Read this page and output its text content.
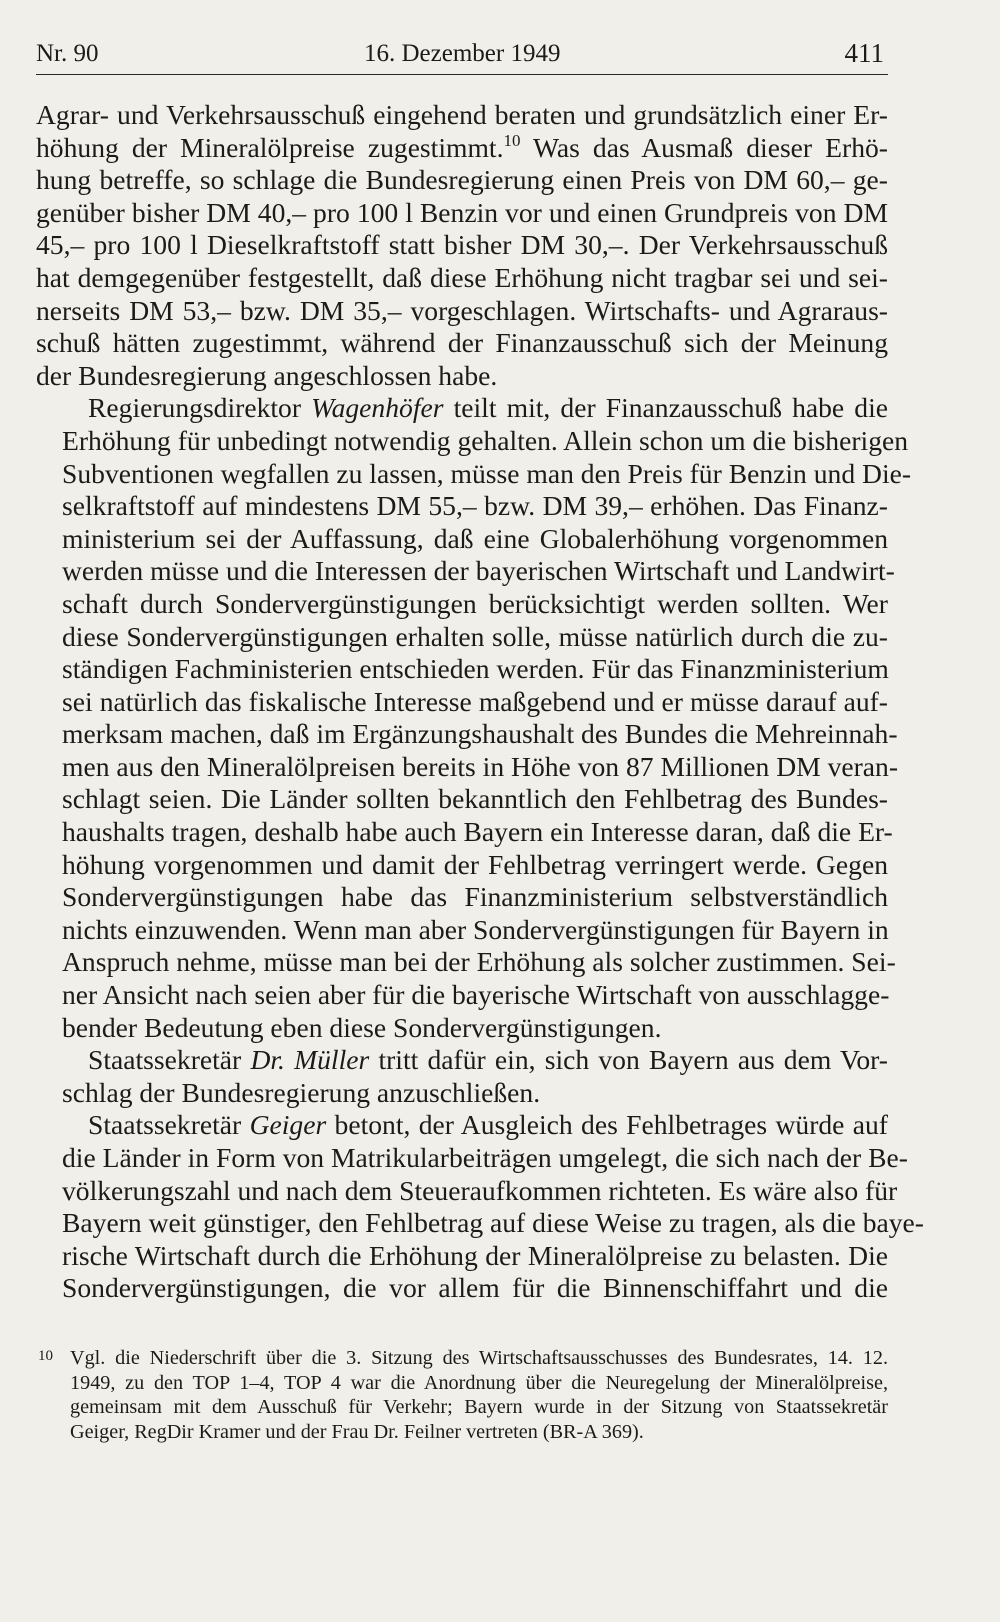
Nr. 90	16. Dezember 1949	411
Agrar- und Verkehrsausschuß eingehend beraten und grundsätzlich einer Er-
höhung der Mineralölpreise zugestimmt.$^{10}$ Was das Ausmaß dieser Erhö-
hung betreffe, so schlage die Bundesregierung einen Preis von DM 60,– ge-
genüber bisher DM 40,– pro 100 l Benzin vor und einen Grundpreis von DM
45,– pro 100 l Dieselkraftstoff statt bisher DM 30,–. Der Verkehrsausschuß
hat demgegenüber festgestellt, daß diese Erhöhung nicht tragbar sei und sei-
nerseits DM 53,– bzw. DM 35,– vorgeschlagen. Wirtschafts- und Agraraus-
schuß hätten zugestimmt, während der Finanzausschuß sich der Meinung
der Bundesregierung angeschlossen habe.
Regierungsdirektor Wagenhöfer teilt mit, der Finanzausschuß habe die
Erhöhung für unbedingt notwendig gehalten. Allein schon um die bisherigen
Subventionen wegfallen zu lassen, müsse man den Preis für Benzin und Die-
selkraftstoff auf mindestens DM 55,– bzw. DM 39,– erhöhen. Das Finanz-
ministerium sei der Auffassung, daß eine Globalerhöhung vorgenommen
werden müsse und die Interessen der bayerischen Wirtschaft und Landwirt-
schaft durch Sondervergünstigungen berücksichtigt werden sollten. Wer
diese Sondervergünstigungen erhalten solle, müsse natürlich durch die zu-
ständigen Fachministerien entschieden werden. Für das Finanzministerium
sei natürlich das fiskalische Interesse maßgebend und er müsse darauf auf-
merksam machen, daß im Ergänzungshaushalt des Bundes die Mehreinnah-
men aus den Mineralölpreisen bereits in Höhe von 87 Millionen DM veran-
schlagt seien. Die Länder sollten bekanntlich den Fehlbetrag des Bundes-
haushalts tragen, deshalb habe auch Bayern ein Interesse daran, daß die Er-
höhung vorgenommen und damit der Fehlbetrag verringert werde. Gegen
Sondervergünstigungen habe das Finanzministerium selbstverständlich
nichts einzuwenden. Wenn man aber Sondervergünstigungen für Bayern in
Anspruch nehme, müsse man bei der Erhöhung als solcher zustimmen. Sei-
ner Ansicht nach seien aber für die bayerische Wirtschaft von ausschlagge-
bender Bedeutung eben diese Sondervergünstigungen.
Staatssekretär Dr. Müller tritt dafür ein, sich von Bayern aus dem Vor-
schlag der Bundesregierung anzuschließen.
Staatssekretär Geiger betont, der Ausgleich des Fehlbetrages würde auf
die Länder in Form von Matrikularbeiträgen umgelegt, die sich nach der Be-
völkerungszahl und nach dem Steueraufkommen richteten. Es wäre also für
Bayern weit günstiger, den Fehlbetrag auf diese Weise zu tragen, als die baye-
rische Wirtschaft durch die Erhöhung der Mineralölpreise zu belasten. Die
Sondervergünstigungen, die vor allem für die Binnenschiffahrt und die
10 Vgl. die Niederschrift über die 3. Sitzung des Wirtschaftsausschusses des Bundesrates, 14. 12.
1949, zu den TOP 1–4, TOP 4 war die Anordnung über die Neuregelung der Mineralölpreise,
gemeinsam mit dem Ausschuß für Verkehr; Bayern wurde in der Sitzung von Staatssekretär
Geiger, RegDir Kramer und der Frau Dr. Feilner vertreten (BR-A 369).
